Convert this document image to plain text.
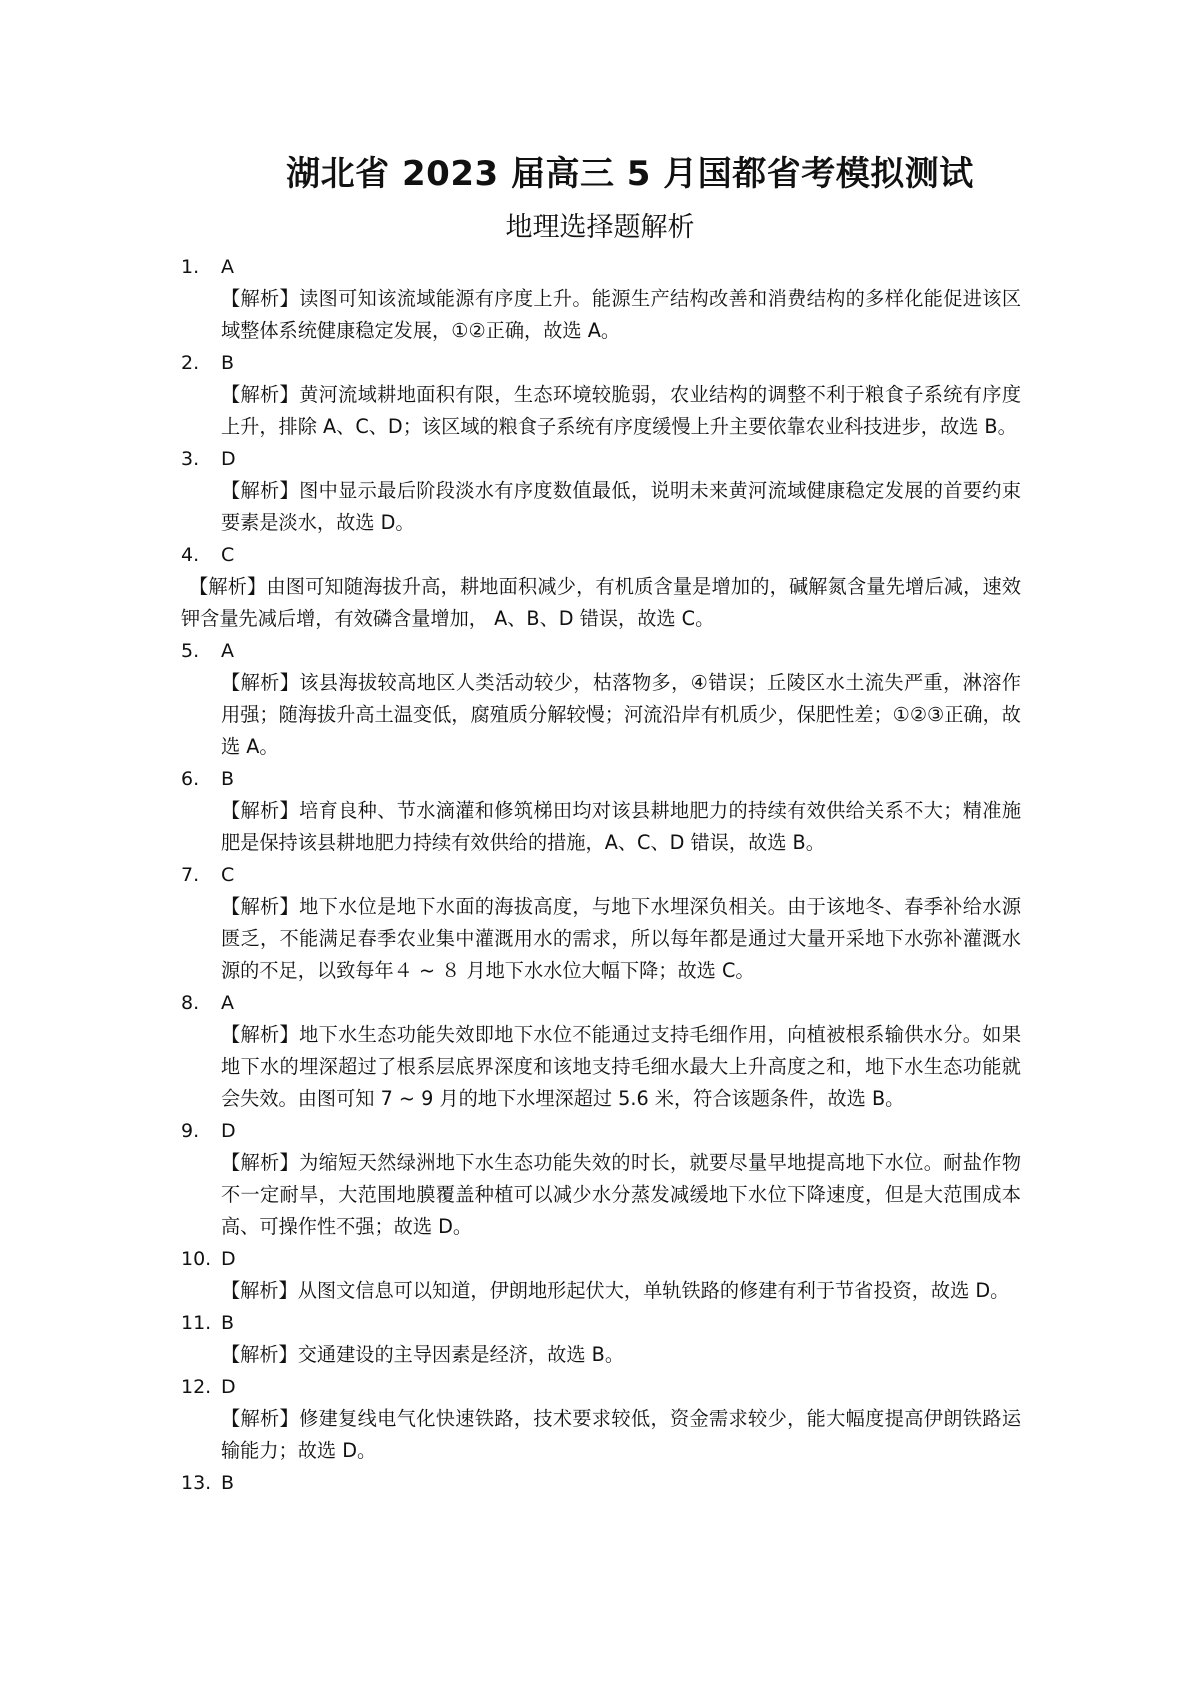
湖北省 2023 届高三 5 月国都省考模拟测试
地理选择题解析
1. A

【解析】读图可知该流域能源有序度上升。能源生产结构改善和消费结构的多样化能促进该区域整体系统健康稳定发展，①②正确，故选 A。

2. B

【解析】黄河流域耕地面积有限，生态环境较脆弱，农业结构的调整不利于粮食子系统有序度上升，排除 A、C、D；该区域的粮食子系统有序度缓慢上升主要依靠农业科技进步，故选 B。

3. D

【解析】图中显示最后阶段淡水有序度数值最低，说明未来黄河流域健康稳定发展的首要约束要素是淡水，故选 D。

4. C

【解析】由图可知随海拔升高，耕地面积减少，有机质含量是增加的，碱解氮含量先增后减，速效钾含量先减后增，有效磷含量增加， A、B、D 错误，故选 C。

5. A

【解析】该县海拔较高地区人类活动较少，枯落物多，④错误；丘陵区水土流失严重，淋溶作用强；随海拔升高土温变低，腐殖质分解较慢；河流沿岸有机质少，保肥性差；①②③正确，故选 A。

6. B

【解析】培育良种、节水滴灌和修筑梯田均对该县耕地肥力的持续有效供给关系不大；精准施肥是保持该县耕地肥力持续有效供给的措施，A、C、D 错误，故选 B。

7. C

【解析】地下水位是地下水面的海拔高度，与地下水埋深负相关。由于该地冬、春季补给水源匮乏，不能满足春季农业集中灌溉用水的需求，所以每年都是通过大量开采地下水弥补灌溉水源的不足，以致每年４ ~ ８ 月地下水水位大幅下降；故选 C。

8. A

【解析】地下水生态功能失效即地下水位不能通过支持毛细作用，向植被根系输供水分。如果地下水的埋深超过了根系层底界深度和该地支持毛细水最大上升高度之和，地下水生态功能就会失效。由图可知 7 ~ 9 月的地下水埋深超过 5.6 米，符合该题条件，故选 B。

9. D

【解析】为缩短天然绿洲地下水生态功能失效的时长，就要尽量早地提高地下水位。耐盐作物不一定耐旱，大范围地膜覆盖种植可以减少水分蒸发减缓地下水位下降速度，但是大范围成本高、可操作性不强；故选 D。

10. D

【解析】从图文信息可以知道，伊朗地形起伏大，单轨铁路的修建有利于节省投资，故选 D。

11. B

【解析】交通建设的主导因素是经济，故选 B。

12. D

【解析】修建复线电气化快速铁路，技术要求较低，资金需求较少，能大幅度提高伊朗铁路运输能力；故选 D。

13. B
